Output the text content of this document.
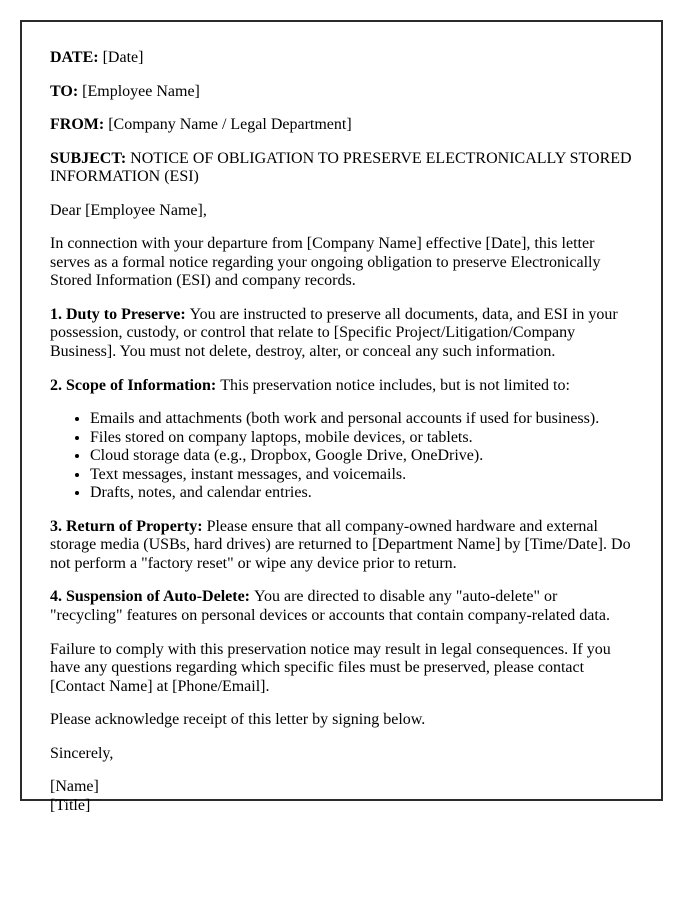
DATE: [Date]

TO: [Employee Name]

FROM: [Company Name / Legal Department]

SUBJECT: NOTICE OF OBLIGATION TO PRESERVE ELECTRONICALLY STORED INFORMATION (ESI)

Dear [Employee Name],

In connection with your departure from [Company Name] effective [Date], this letter serves as a formal notice regarding your ongoing obligation to preserve Electronically Stored Information (ESI) and company records.

1. Duty to Preserve: You are instructed to preserve all documents, data, and ESI in your possession, custody, or control that relate to [Specific Project/Litigation/Company Business]. You must not delete, destroy, alter, or conceal any such information.

2. Scope of Information: This preservation notice includes, but is not limited to:

• Emails and attachments (both work and personal accounts if used for business).
• Files stored on company laptops, mobile devices, or tablets.
• Cloud storage data (e.g., Dropbox, Google Drive, OneDrive).
• Text messages, instant messages, and voicemails.
• Drafts, notes, and calendar entries.

3. Return of Property: Please ensure that all company-owned hardware and external storage media (USBs, hard drives) are returned to [Department Name] by [Time/Date]. Do not perform a "factory reset" or wipe any device prior to return.

4. Suspension of Auto-Delete: You are directed to disable any "auto-delete" or "recycling" features on personal devices or accounts that contain company-related data.

Failure to comply with this preservation notice may result in legal consequences. If you have any questions regarding which specific files must be preserved, please contact [Contact Name] at [Phone/Email].

Please acknowledge receipt of this letter by signing below.

Sincerely,

[Name]
[Title]
